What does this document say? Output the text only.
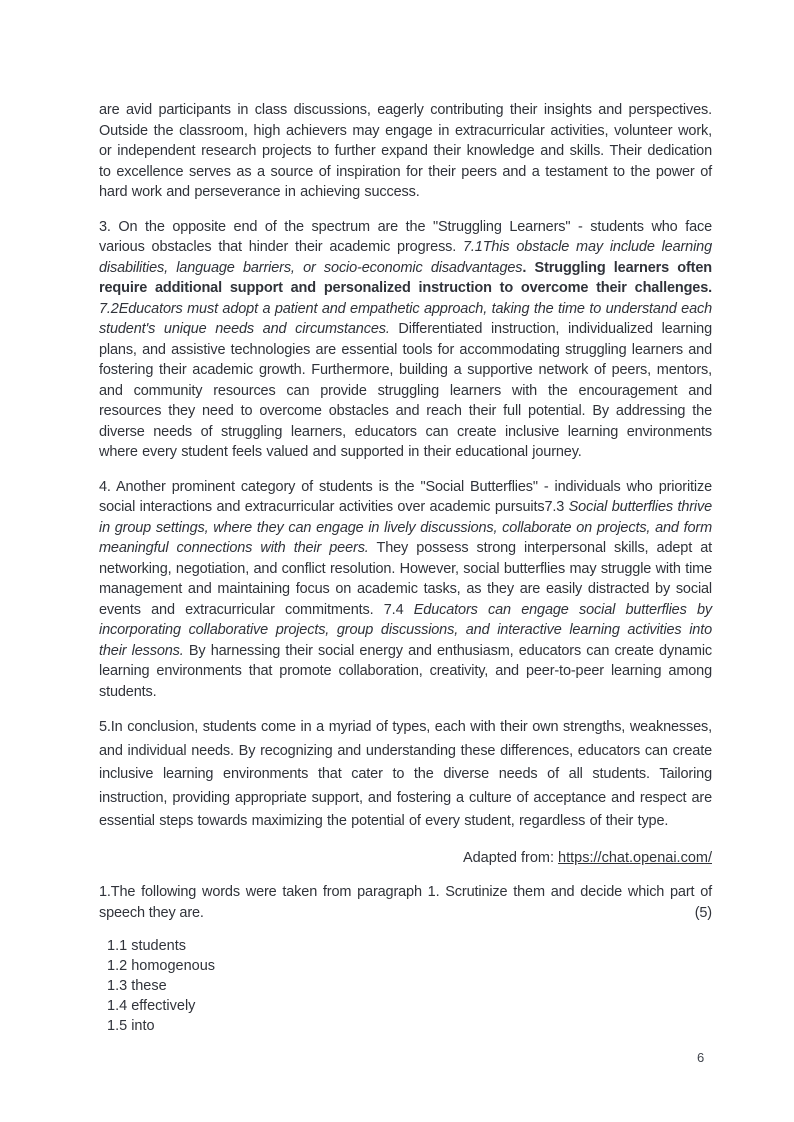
are avid participants in class discussions, eagerly contributing their insights and perspectives. Outside the classroom, high achievers may engage in extracurricular activities, volunteer work, or independent research projects to further expand their knowledge and skills. Their dedication to excellence serves as a source of inspiration for their peers and a testament to the power of hard work and perseverance in achieving success.

3. On the opposite end of the spectrum are the "Struggling Learners" - students who face various obstacles that hinder their academic progress. 7.1This obstacle may include learning disabilities, language barriers, or socio-economic disadvantages. Struggling learners often require additional support and personalized instruction to overcome their challenges. 7.2Educators must adopt a patient and empathetic approach, taking the time to understand each student's unique needs and circumstances. Differentiated instruction, individualized learning plans, and assistive technologies are essential tools for accommodating struggling learners and fostering their academic growth. Furthermore, building a supportive network of peers, mentors, and community resources can provide struggling learners with the encouragement and resources they need to overcome obstacles and reach their full potential. By addressing the diverse needs of struggling learners, educators can create inclusive learning environments where every student feels valued and supported in their educational journey.

4. Another prominent category of students is the "Social Butterflies" - individuals who prioritize social interactions and extracurricular activities over academic pursuits7.3 Social butterflies thrive in group settings, where they can engage in lively discussions, collaborate on projects, and form meaningful connections with their peers. They possess strong interpersonal skills, adept at networking, negotiation, and conflict resolution. However, social butterflies may struggle with time management and maintaining focus on academic tasks, as they are easily distracted by social events and extracurricular commitments. 7.4 Educators can engage social butterflies by incorporating collaborative projects, group discussions, and interactive learning activities into their lessons. By harnessing their social energy and enthusiasm, educators can create dynamic learning environments that promote collaboration, creativity, and peer-to-peer learning among students.

5.In conclusion, students come in a myriad of types, each with their own strengths, weaknesses, and individual needs. By recognizing and understanding these differences, educators can create inclusive learning environments that cater to the diverse needs of all students. Tailoring instruction, providing appropriate support, and fostering a culture of acceptance and respect are essential steps towards maximizing the potential of every student, regardless of their type.

Adapted from: https://chat.openai.com/

1.The following words were taken from paragraph 1. Scrutinize them and decide which part of speech they are.	(5)
1.1 students
1.2 homogenous
1.3 these
1.4 effectively
1.5 into
6
